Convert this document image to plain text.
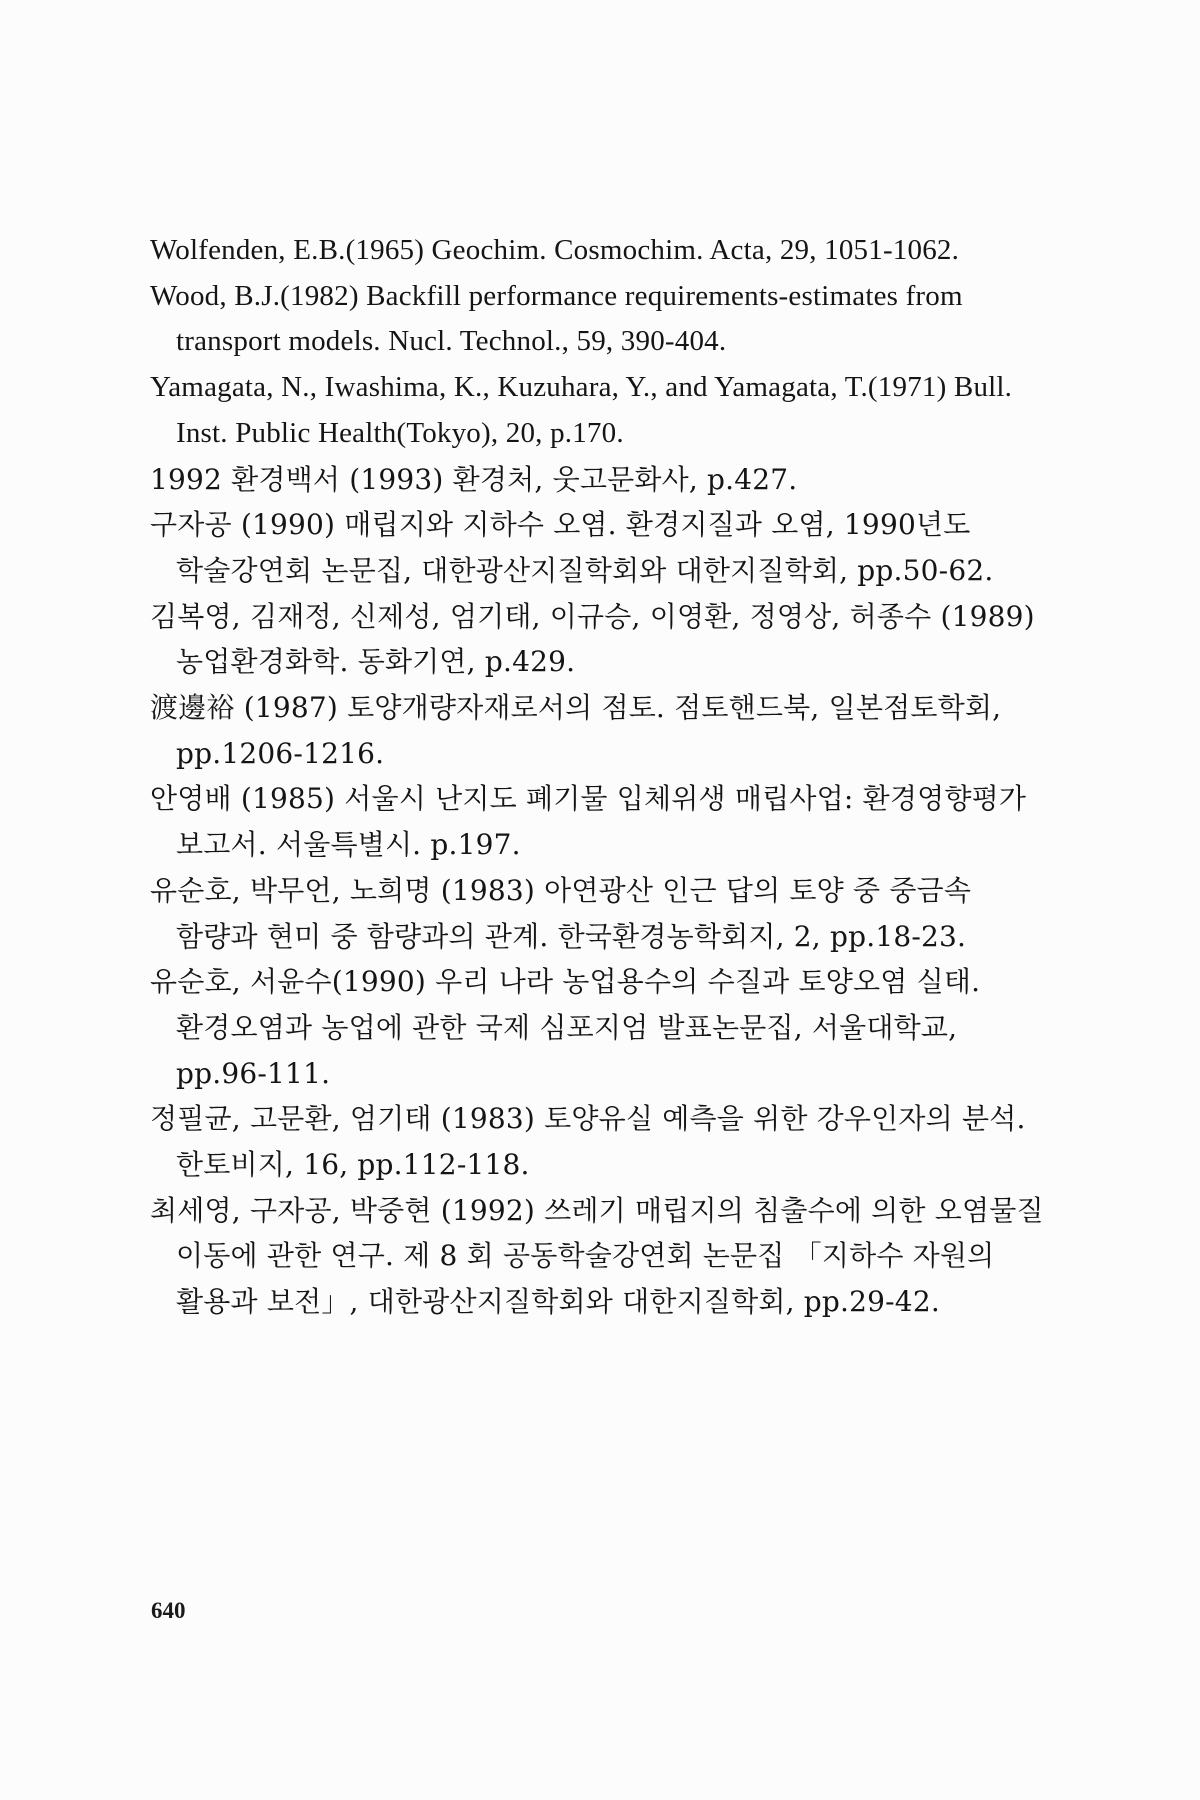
Wolfenden, E.B.(1965) Geochim. Cosmochim. Acta, 29, 1051-1062.
Wood, B.J.(1982) Backfill performance requirements-estimates from transport models. Nucl. Technol., 59, 390-404.
Yamagata, N., Iwashima, K., Kuzuhara, Y., and Yamagata, T.(1971) Bull. Inst. Public Health(Tokyo), 20, p.170.
1992 환경백서 (1993) 환경처, 웃고문화사, p.427.
구자공 (1990) 매립지와 지하수 오염. 환경지질과 오염, 1990년도 학술강연회 논문집, 대한광산지질학회와 대한지질학회, pp.50-62.
김복영, 김재정, 신제성, 엄기태, 이규승, 이영환, 정영상, 허종수 (1989) 농업환경화학. 동화기연, p.429.
渡邊裕 (1987) 토양개량자재로서의 점토. 점토핸드북, 일본점토학회, pp.1206-1216.
안영배 (1985) 서울시 난지도 폐기물 입체위생 매립사업: 환경영향평가 보고서. 서울특별시. p.197.
유순호, 박무언, 노희명 (1983) 아연광산 인근 답의 토양 중 중금속 함량과 현미 중 함량과의 관계. 한국환경농학회지, 2, pp.18-23.
유순호, 서윤수(1990) 우리 나라 농업용수의 수질과 토양오염 실태. 환경오염과 농업에 관한 국제 심포지엄 발표논문집, 서울대학교, pp.96-111.
정필균, 고문환, 엄기태 (1983) 토양유실 예측을 위한 강우인자의 분석. 한토비지, 16, pp.112-118.
최세영, 구자공, 박중현 (1992) 쓰레기 매립지의 침출수에 의한 오염물질 이동에 관한 연구. 제 8 회 공동학술강연회 논문집 「지하수 자원의 활용과 보전」, 대한광산지질학회와 대한지질학회, pp.29-42.
640
